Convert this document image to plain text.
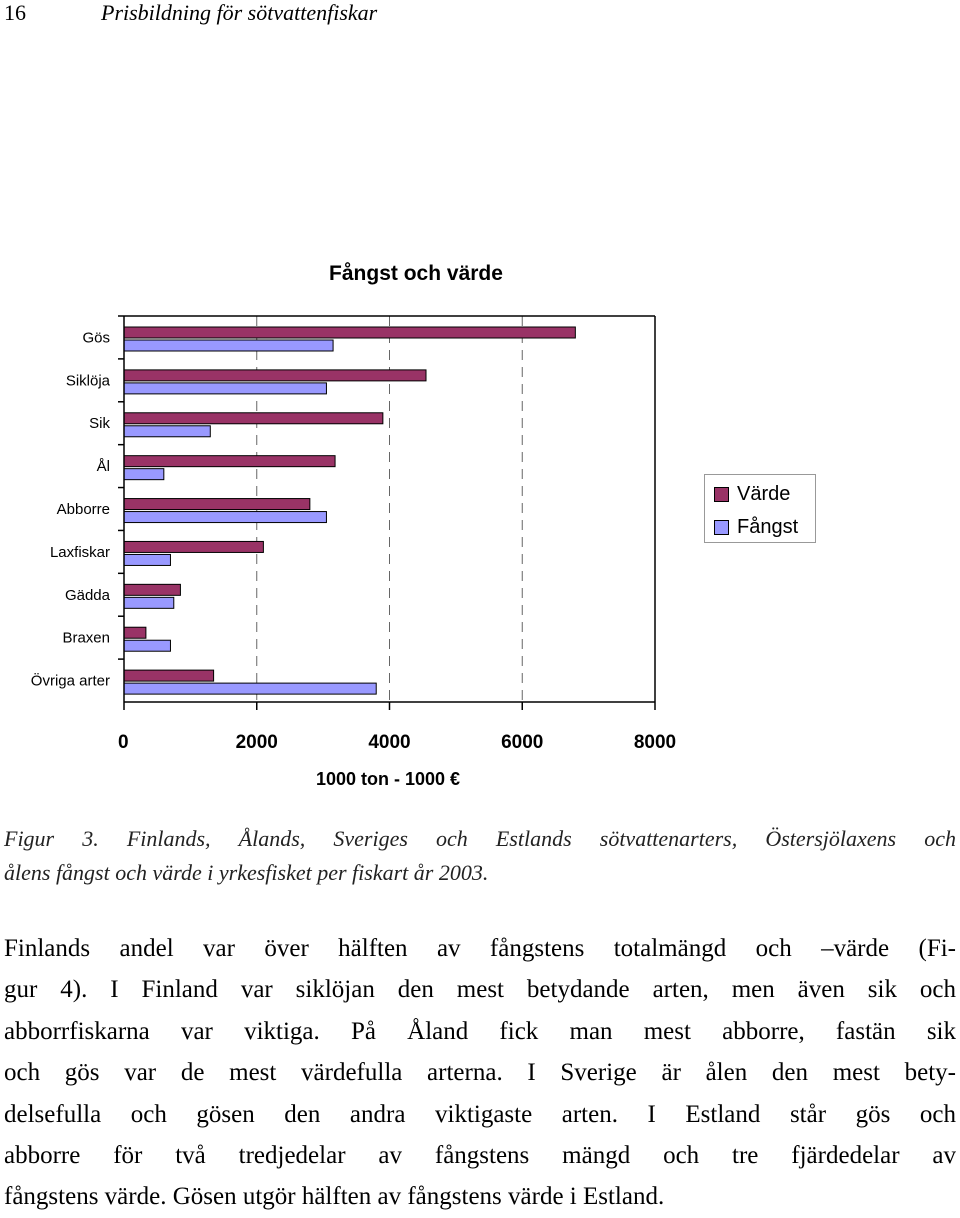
16	Prisbildning för sötvattenfiskar
Fångst och värde
Gös
Siklöja
Sik
Ål
Abborre
Laxfiskar
Gädda
Braxen
Övriga arter
0	2000	4000	6000	8000
1000 ton - 1000 €
Värde
Fångst
Figur 3. Finlands, Ålands, Sveriges och Estlands sötvattenarters, Östersjölaxens och
ålens fångst och värde i yrkesfisket per fiskart år 2003.
Finlands andel var över hälften av fångstens totalmängd och –värde (Fi-
gur 4). I Finland var siklöjan den mest betydande arten, men även sik och
abborrfiskarna var viktiga. På Åland fick man mest abborre, fastän sik
och gös var de mest värdefulla arterna. I Sverige är ålen den mest bety-
delsefulla och gösen den andra viktigaste arten. I Estland står gös och
abborre för två tredjedelar av fångstens mängd och tre fjärdedelar av
fångstens värde. Gösen utgör hälften av fångstens värde i Estland.
